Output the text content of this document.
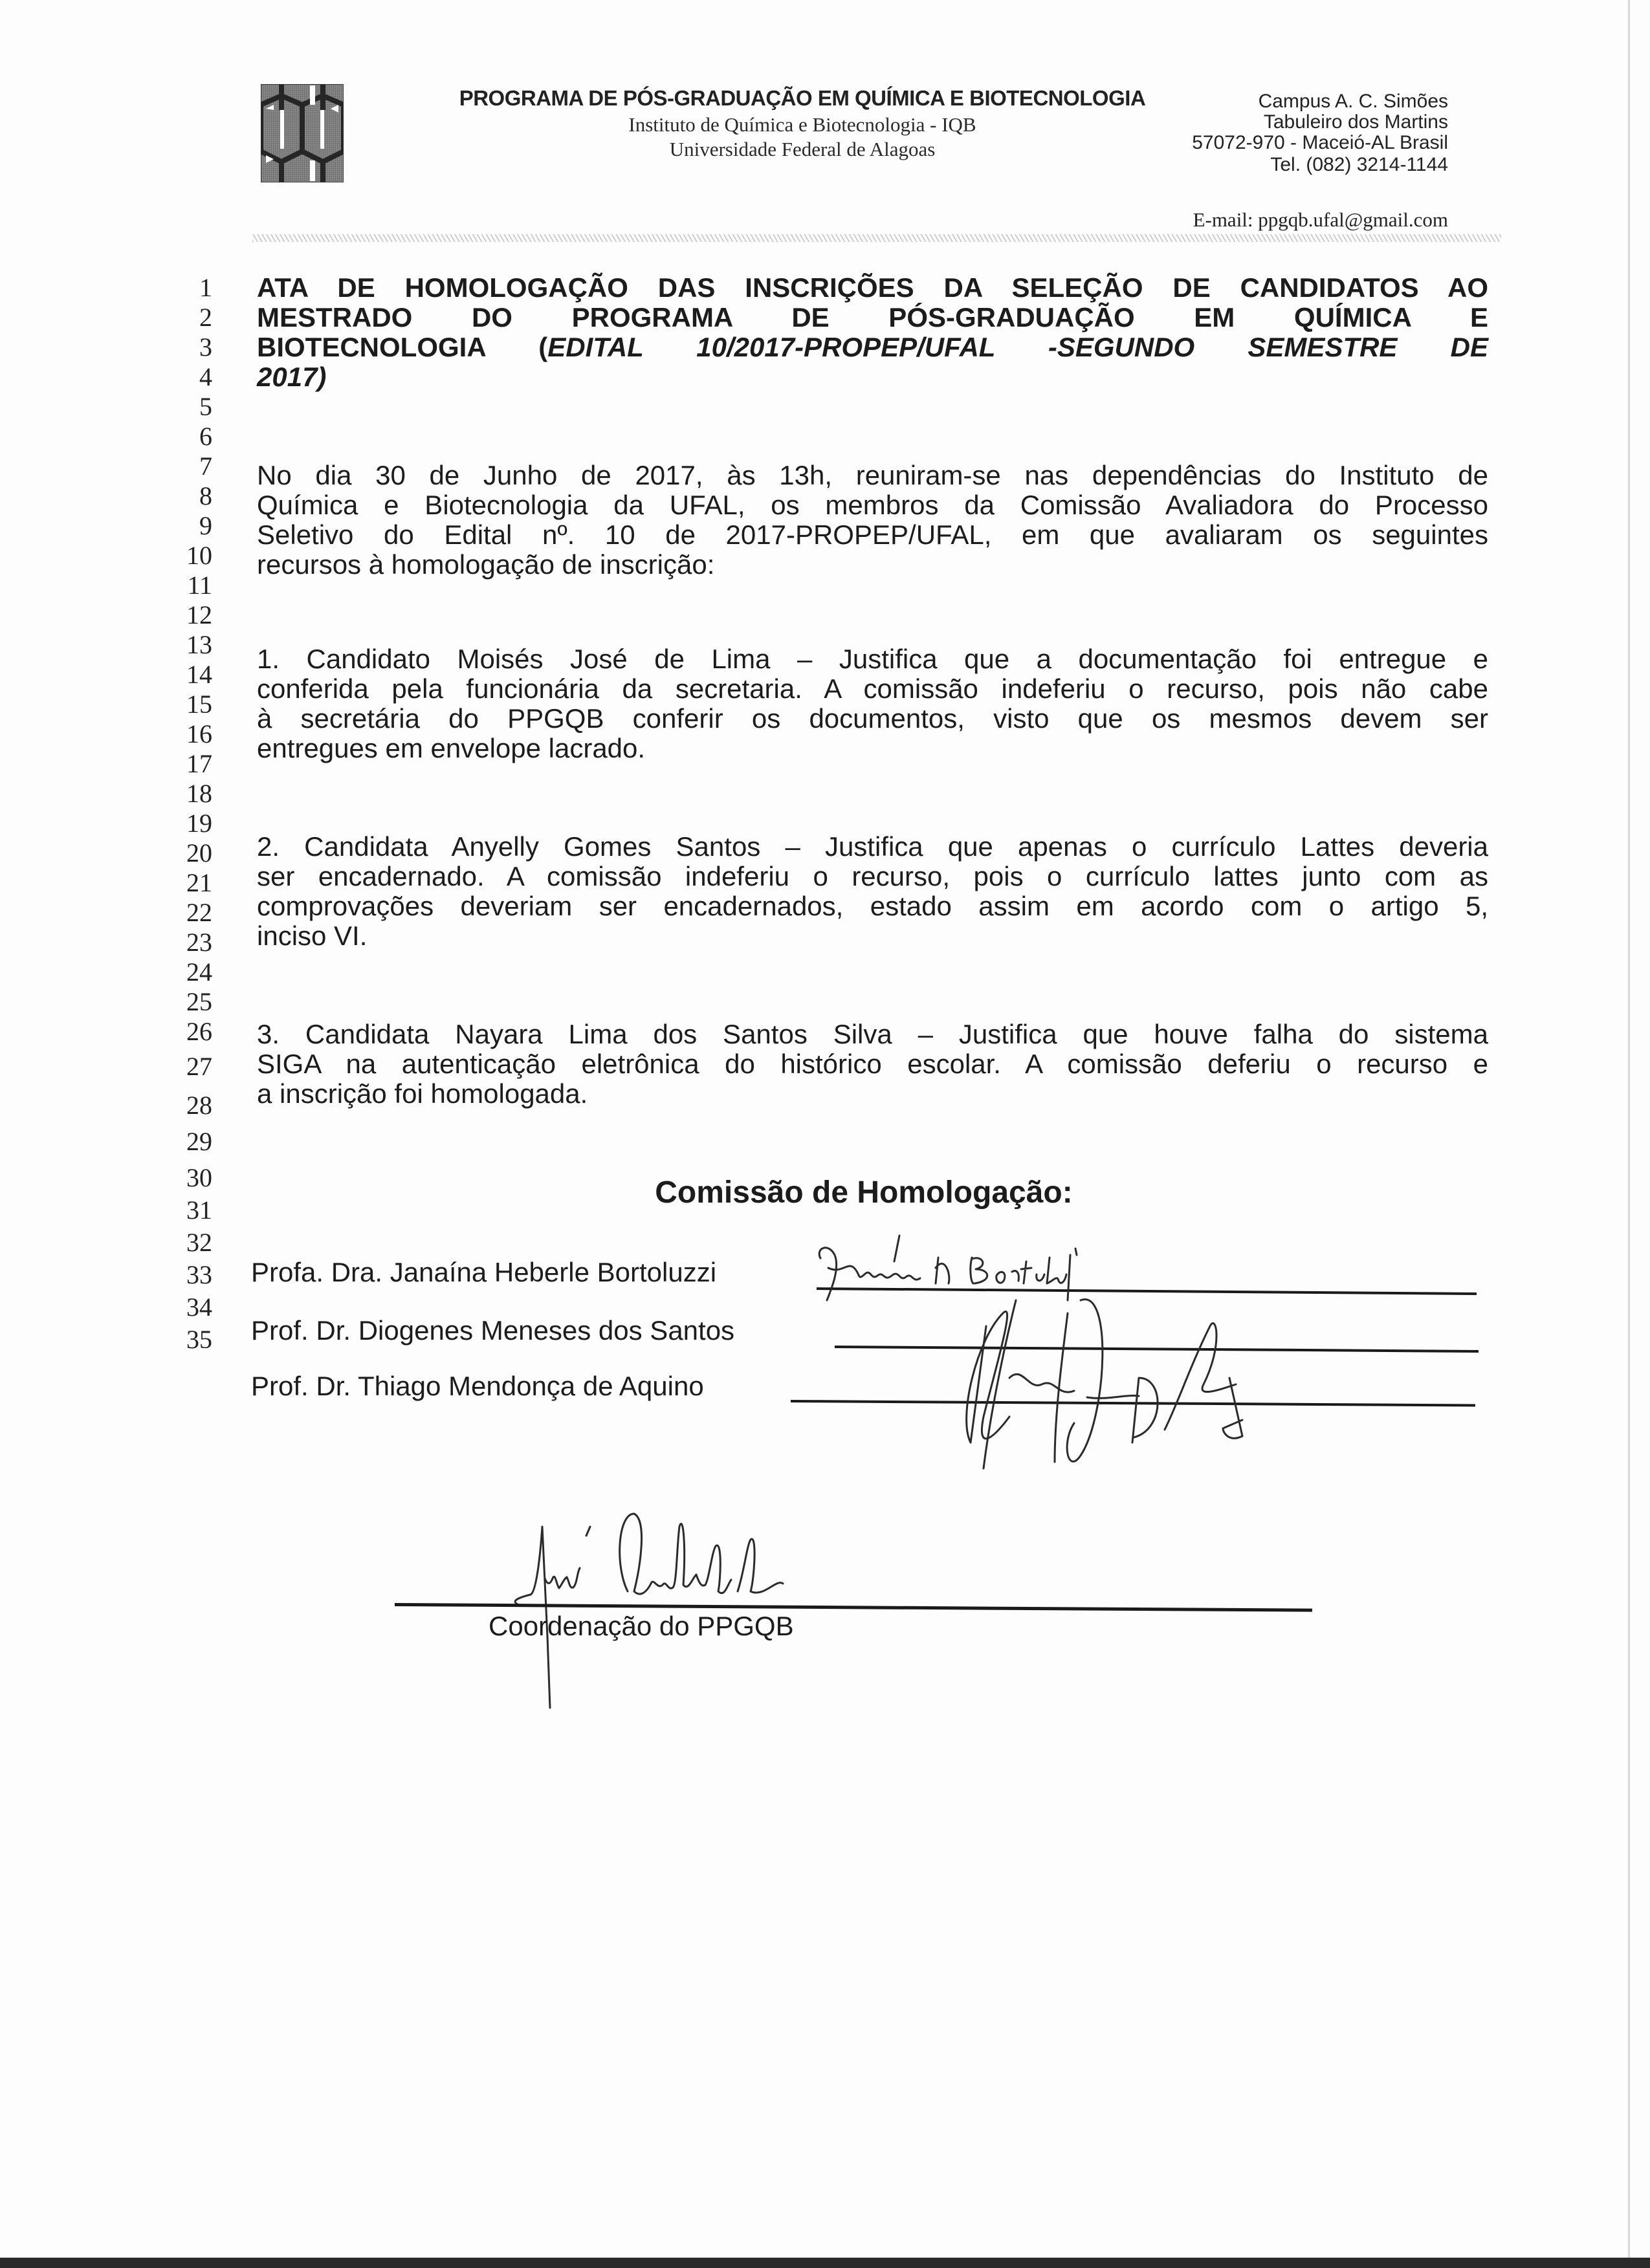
PROGRAMA DE PÓS-GRADUAÇÃO EM QUÍMICA E BIOTECNOLOGIA
Instituto de Química e Biotecnologia - IQB
Universidade Federal de Alagoas
Campus A. C. Simões
Tabuleiro dos Martins
57072-970 - Maceió-AL Brasil
Tel. (082) 3214-1144
E-mail: ppgqb.ufal@gmail.com
1
2
3
4
5
6
7
8
9
10
11
12
13
14
15
16
17
18
19
20
21
22
23
24
25
26
27
28
29
30
31
32
33
34
35
ATA DE HOMOLOGAÇÃO DAS INSCRIÇÕES DA SELEÇÃO DE CANDIDATOS AO
MESTRADO DO PROGRAMA DE PÓS-GRADUAÇÃO EM QUÍMICA E
BIOTECNOLOGIA (EDITAL 10/2017-PROPEP/UFAL -SEGUNDO SEMESTRE DE
2017)
No dia 30 de Junho de 2017, às 13h, reuniram-se nas dependências do Instituto de
Química e Biotecnologia da UFAL, os membros da Comissão Avaliadora do Processo
Seletivo do Edital nº. 10 de 2017-PROPEP/UFAL, em que avaliaram os seguintes
recursos à homologação de inscrição:
1. Candidato Moisés José de Lima – Justifica que a documentação foi entregue e
conferida pela funcionária da secretaria. A comissão indeferiu o recurso, pois não cabe
à secretária do PPGQB conferir os documentos, visto que os mesmos devem ser
entregues em envelope lacrado.
2. Candidata Anyelly Gomes Santos – Justifica que apenas o currículo Lattes deveria
ser encadernado. A comissão indeferiu o recurso, pois o currículo lattes junto com as
comprovações deveriam ser encadernados, estado assim em acordo com o artigo 5,
inciso VI.
3. Candidata Nayara Lima dos Santos Silva – Justifica que houve falha do sistema
SIGA na autenticação eletrônica do histórico escolar. A comissão deferiu o recurso e
a inscrição foi homologada.
Comissão de Homologação:
Profa. Dra. Janaína Heberle Bortoluzzi
Prof. Dr. Diogenes Meneses dos Santos
Prof. Dr. Thiago Mendonça de Aquino
Coordenação do PPGQB
